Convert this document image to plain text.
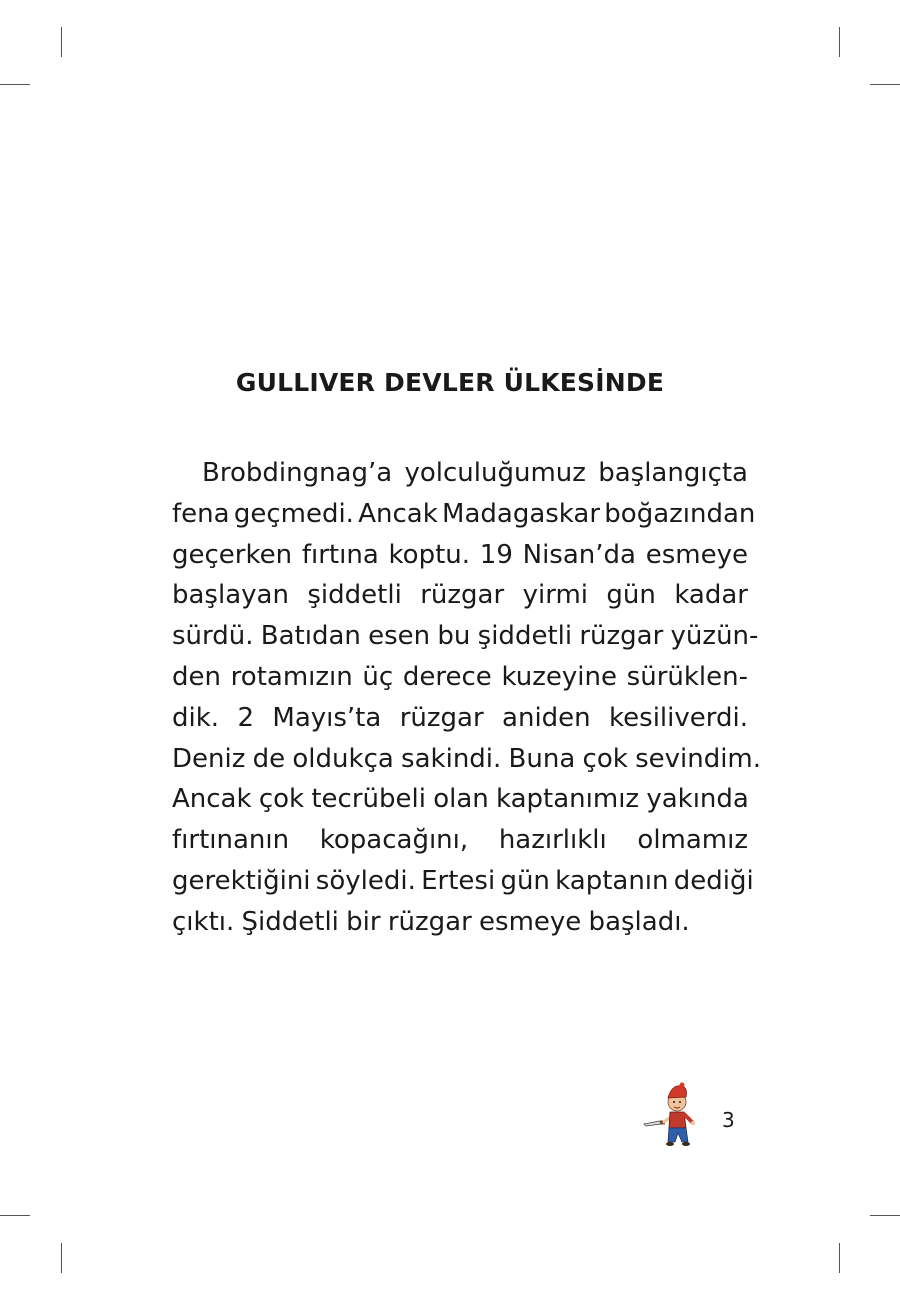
GULLIVER DEVLER ÜLKESİNDE
Brobdingnag’a yolculuğumuz başlangıçta
fena geçmedi. Ancak Madagaskar boğazından
geçerken fırtına koptu. 19 Nisan’da esmeye
başlayan şiddetli rüzgar yirmi gün kadar
sürdü. Batıdan esen bu şiddetli rüzgar yüzün-
den rotamızın üç derece kuzeyine sürüklen-
dik. 2 Mayıs’ta rüzgar aniden kesiliverdi.
Deniz de oldukça sakindi. Buna çok sevindim.
Ancak çok tecrübeli olan kaptanımız yakında
fırtınanın kopacağını, hazırlıklı olmamız
gerektiğini söyledi. Ertesi gün kaptanın dediği
çıktı. Şiddetli bir rüzgar esmeye başladı.
3
